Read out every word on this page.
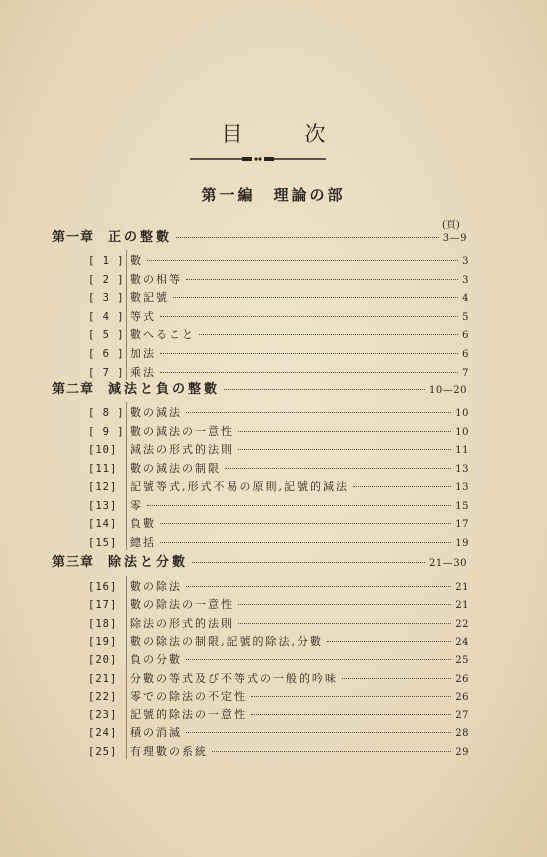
目次
第一編　理論の部
(頁)
第一章 正の整數	3—9
[ 1 ] 數	3
[ 2 ] 數の相等	3
[ 3 ] 數記號	4
[ 4 ] 等式	5
[ 5 ] 數へること	6
[ 6 ] 加法	6
[ 7 ] 乘法	7
第二章 減法と負の整數	10—20
[ 8 ] 數の減法	10
[ 9 ] 數の減法の一意性	10
[10]	減法の形式的法則	11
[11]	數の減法の制限	13
[12]	記號等式,形式不易の原則,記號的減法	13
[13]	零	15
[14]	負數	17
[15]	總括	19
第三章 除法と分數	21—30
[16]	數の除法	21
[17]	數の除法の一意性	21
[18]	除法の形式的法則	22
[19]	數の除法の制限,記號的除法,分數	24
[20]	負の分數	25
[21]	分數の等式及び不等式の一般的吟味	26
[22]	零での除法の不定性	26
[23]	記號的除法の一意性	27
[24]	積の消滅	28
[25]	有理數の系統	29
